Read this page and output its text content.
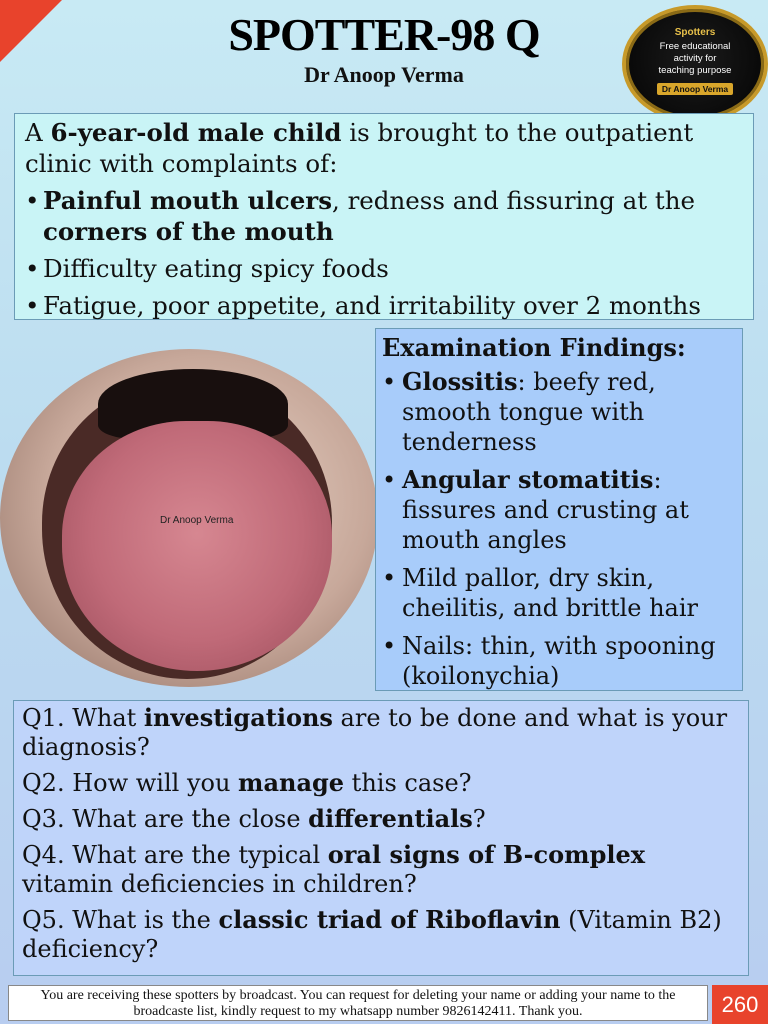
SPOTTER-98 Q
Dr Anoop Verma
Spotters
Free educational
activity for
teaching purpose
Dr Anoop Verma

A 6-year-old male child is brought to the outpatient clinic with complaints of:

• Painful mouth ulcers, redness and fissuring at the corners of the mouth
• Difficulty eating spicy foods
• Fatigue, poor appetite, and irritability over 2 months
Dr Anoop Verma
Examination Findings:
• Glossitis: beefy red, smooth tongue with tenderness
• Angular stomatitis: fissures and crusting at mouth angles
• Mild pallor, dry skin, cheilitis, and brittle hair
• Nails: thin, with spooning (koilonychia)

Q1. What investigations are to be done and what is your diagnosis?

Q2. How will you manage this case?

Q3. What are the close differentials?

Q4. What are the typical oral signs of B-complex vitamin deficiencies in children?

Q5. What is the classic triad of Riboflavin (Vitamin B2) deficiency?

You are receiving these spotters by broadcast. You can request for deleting your name or adding your name to the broadcaste list, kindly request to my whatsapp number 9826142411. Thank you.	260
